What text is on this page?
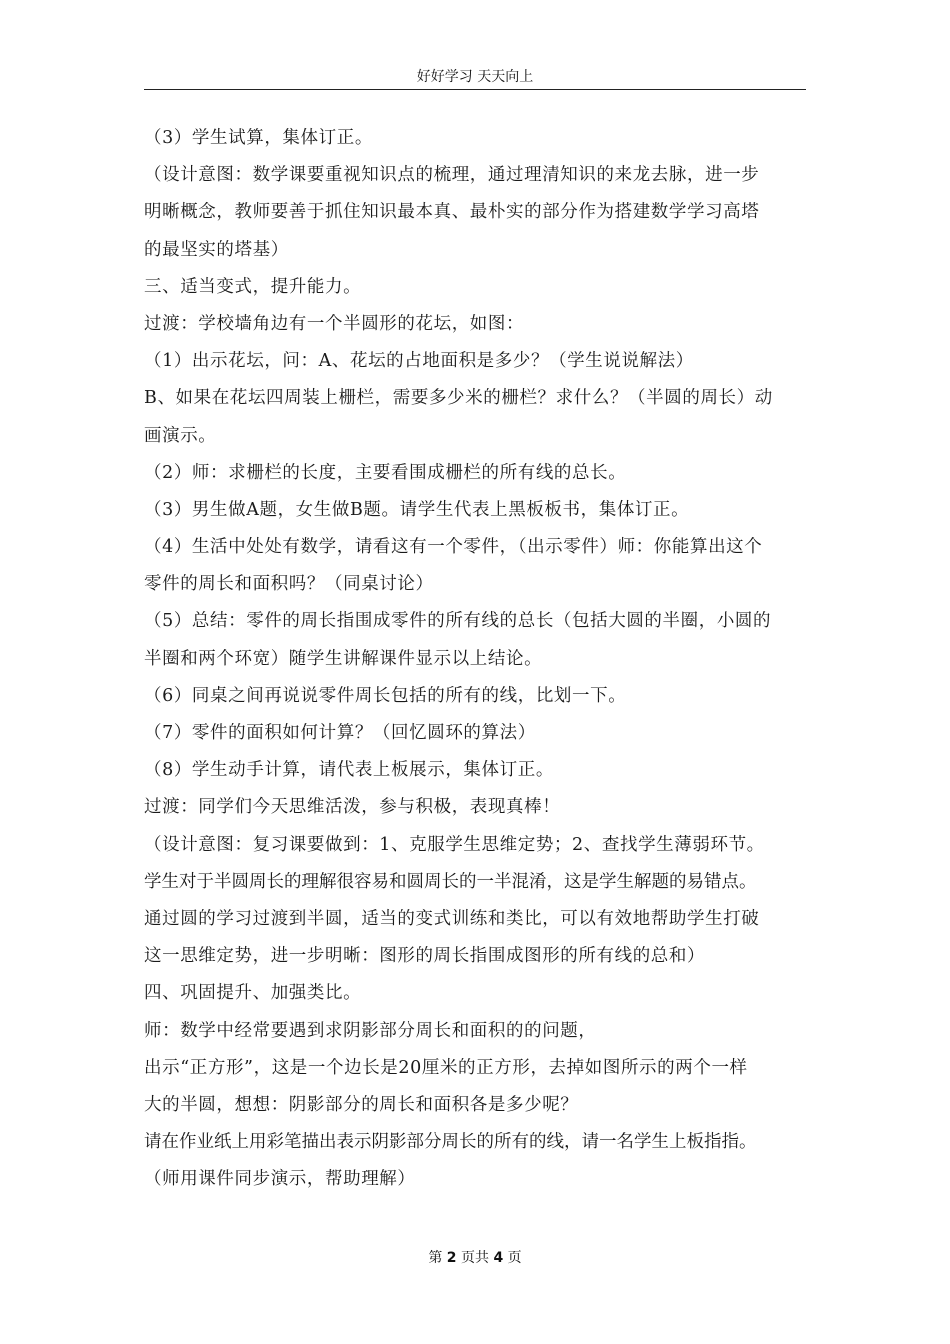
好好学习 天天向上
（3）学生试算，集体订正。
（设计意图：数学课要重视知识点的梳理，通过理清知识的来龙去脉，进一步
明晰概念，教师要善于抓住知识最本真、最朴实的部分作为搭建数学学习高塔
的最坚实的塔基）
三、适当变式，提升能力。
过渡：学校墙角边有一个半圆形的花坛，如图：
（1）出示花坛，问：A、花坛的占地面积是多少？（学生说说解法）
B、如果在花坛四周装上栅栏，需要多少米的栅栏？求什么？（半圆的周长）动
画演示。
（2）师：求栅栏的长度，主要看围成栅栏的所有线的总长。
（3）男生做A题，女生做B题。请学生代表上黑板板书，集体订正。
（4）生活中处处有数学，请看这有一个零件，（出示零件）师：你能算出这个
零件的周长和面积吗？（同桌讨论）
（5）总结：零件的周长指围成零件的所有线的总长（包括大圆的半圈，小圆的
半圈和两个环宽）随学生讲解课件显示以上结论。
（6）同桌之间再说说零件周长包括的所有的线，比划一下。
（7）零件的面积如何计算？（回忆圆环的算法）
（8）学生动手计算，请代表上板展示，集体订正。
过渡：同学们今天思维活泼，参与积极，表现真棒！
（设计意图：复习课要做到：1、克服学生思维定势；2、查找学生薄弱环节。
学生对于半圆周长的理解很容易和圆周长的一半混淆，这是学生解题的易错点。
通过圆的学习过渡到半圆，适当的变式训练和类比，可以有效地帮助学生打破
这一思维定势，进一步明晰：图形的周长指围成图形的所有线的总和）
四、巩固提升、加强类比。
师：数学中经常要遇到求阴影部分周长和面积的的问题，
出示“正方形”，这是一个边长是20厘米的正方形，去掉如图所示的两个一样
大的半圆，想想：阴影部分的周长和面积各是多少呢？
请在作业纸上用彩笔描出表示阴影部分周长的所有的线，请一名学生上板指指。
（师用课件同步演示，帮助理解）
第 2 页共 4 页
